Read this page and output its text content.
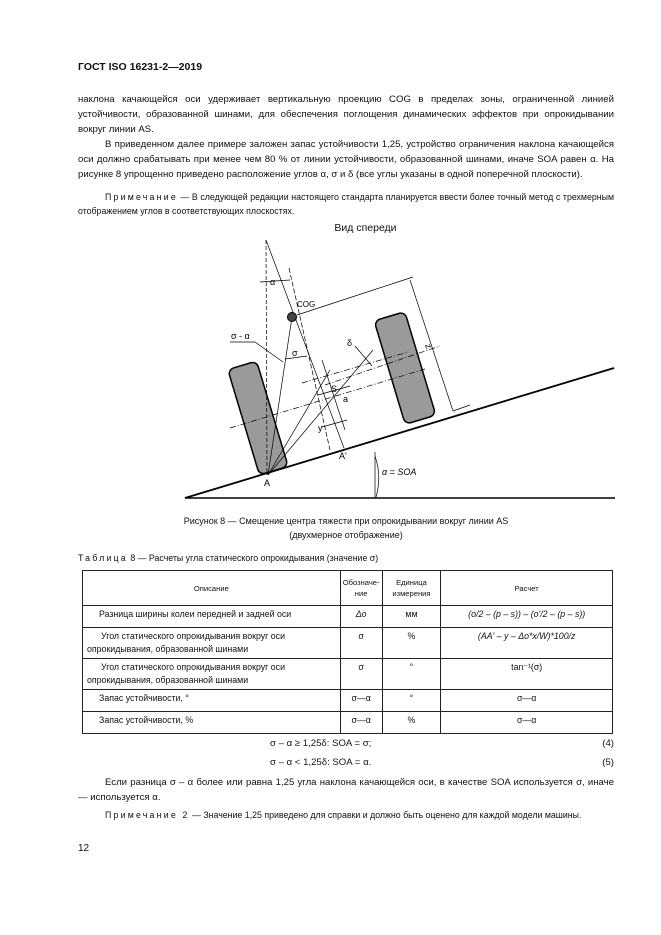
ГОСТ ISO 16231-2—2019
наклона качающейся оси удерживает вертикальную проекцию COG в пределах зоны, ограниченной линией устойчивости, образованной шинами, для обеспечения поглощения динамических эффектов при опрокидывании вокруг линии AS.
В приведенном далее примере заложен запас устойчивости 1,25, устройство ограничения наклона качающейся оси должно срабатывать при менее чем 80 % от линии устойчивости, образованной шинами, иначе SOA равен α. На рисунке 8 упрощенно приведено расположение углов α, σ и δ (все углы указаны в одной поперечной плоскости).
Примечание — В следующей редакции настоящего стандарта планируется ввести более точный метод с трехмерным отображением углов в соответствующих плоскостях.
Вид спереди
α
COG
σ - α
σ
δ
S
a
y
z
A
A'
α = SOA
Рисунок 8 — Смещение центра тяжести при опрокидывании вокруг линии AS
(двухмерное отображение)
Таблица 8 — Расчеты угла статического опрокидывания (значение σ)
Описание	Обозначе-ние	Единица измерения	Расчет
Разница ширины колеи передней и задней оси	Δo	мм	(o/2 – (p – s)) – (o'/2 – (p – s))
Угол статического опрокидывания вокруг оси опрокидывания, образованной шинами	σ	%	(AA' – y – Δo*x/W)*100/z
Угол статического опрокидывания вокруг оси опрокидывания, образованной шинами	σ	°	tan⁻¹(σ)
Запас устойчивости, °	σ—α	°	σ—α
Запас устойчивости, %	σ—α	%	σ—α
σ – α ≥ 1,25δ: SOA = σ;	(4)
σ – α < 1,25δ: SOA = α.	(5)
Если разница σ – α более или равна 1,25 угла наклона качающейся оси, в качестве SOA используется σ, иначе — используется α.
Примечание 2 — Значение 1,25 приведено для справки и должно быть оценено для каждой модели машины.
12
